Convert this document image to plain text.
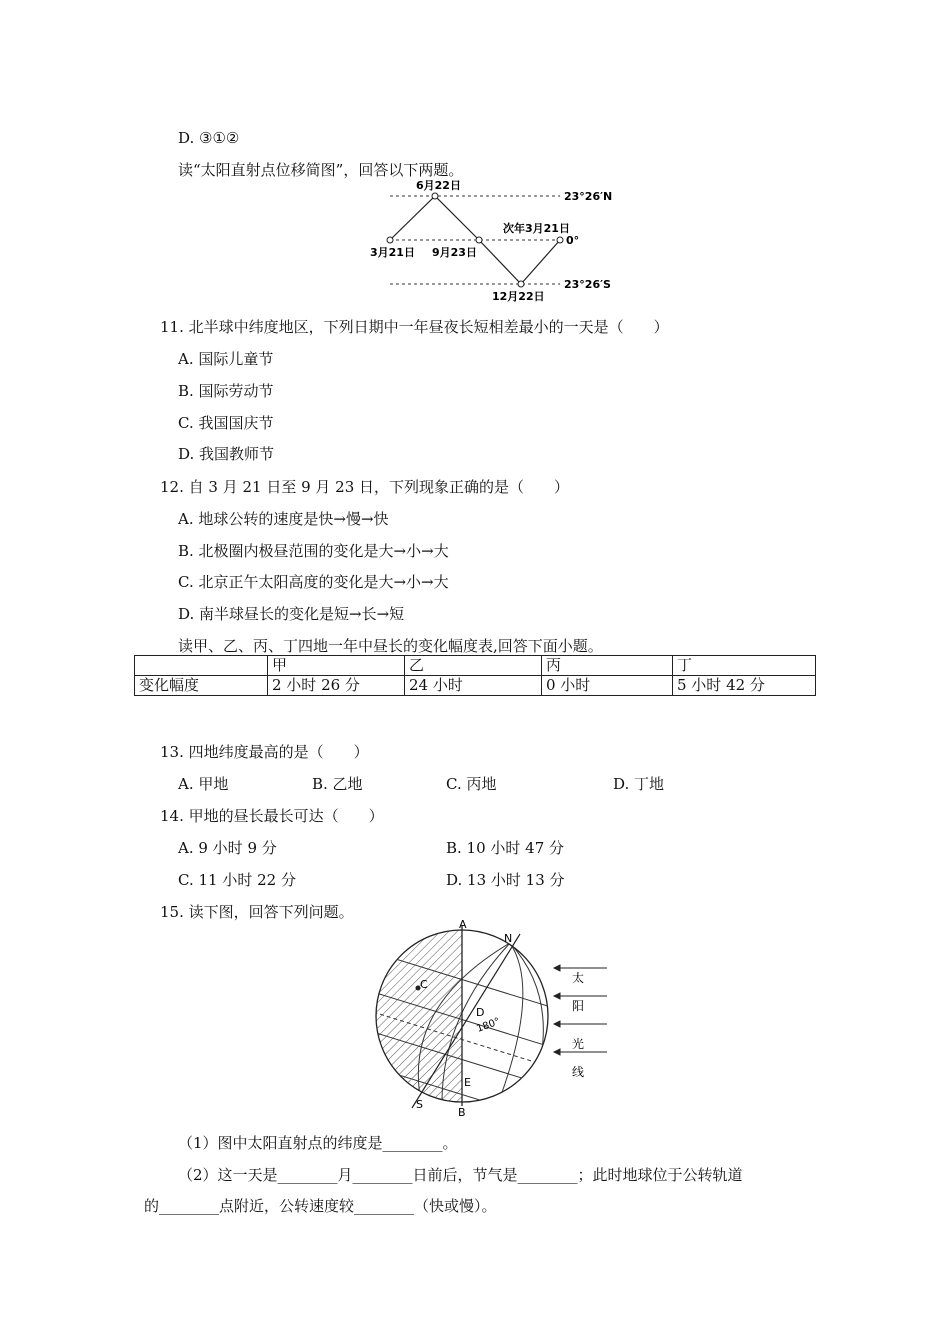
D. ③①②
读“太阳直射点位移简图”，回答以下两题。
6月22日
23°26′N
次年3月21日
0°
3月21日 9月23日
23°26′S
12月22日
11. 北半球中纬度地区，下列日期中一年昼夜长短相差最小的一天是（　　）
A. 国际儿童节
B. 国际劳动节
C. 我国国庆节
D. 我国教师节
12. 自 3 月 21 日至 9 月 23 日，下列现象正确的是（　　）
A. 地球公转的速度是快→慢→快
B. 北极圈内极昼范围的变化是大→小→大
C. 北京正午太阳高度的变化是大→小→大
D. 南半球昼长的变化是短→长→短
读甲、乙、丙、丁四地一年中昼长的变化幅度表,回答下面小题。
	甲	乙	丙	丁
变化幅度	2 小时 26 分	24 小时	0 小时	5 小时 42 分
13. 四地纬度最高的是（　　）
A. 甲地	B. 乙地	C. 丙地	D. 丁地
14. 甲地的昼长最长可达（　　）
A. 9 小时 9 分	B. 10 小时 47 分
C. 11 小时 22 分	D. 13 小时 13 分
15. 读下图，回答下列问题。
A
N
C
D
180°
E
S
B
太
阳
光
线
（1）图中太阳直射点的纬度是________。
（2）这一天是________月________日前后，节气是________；此时地球位于公转轨道
的________点附近，公转速度较________（快或慢）。
